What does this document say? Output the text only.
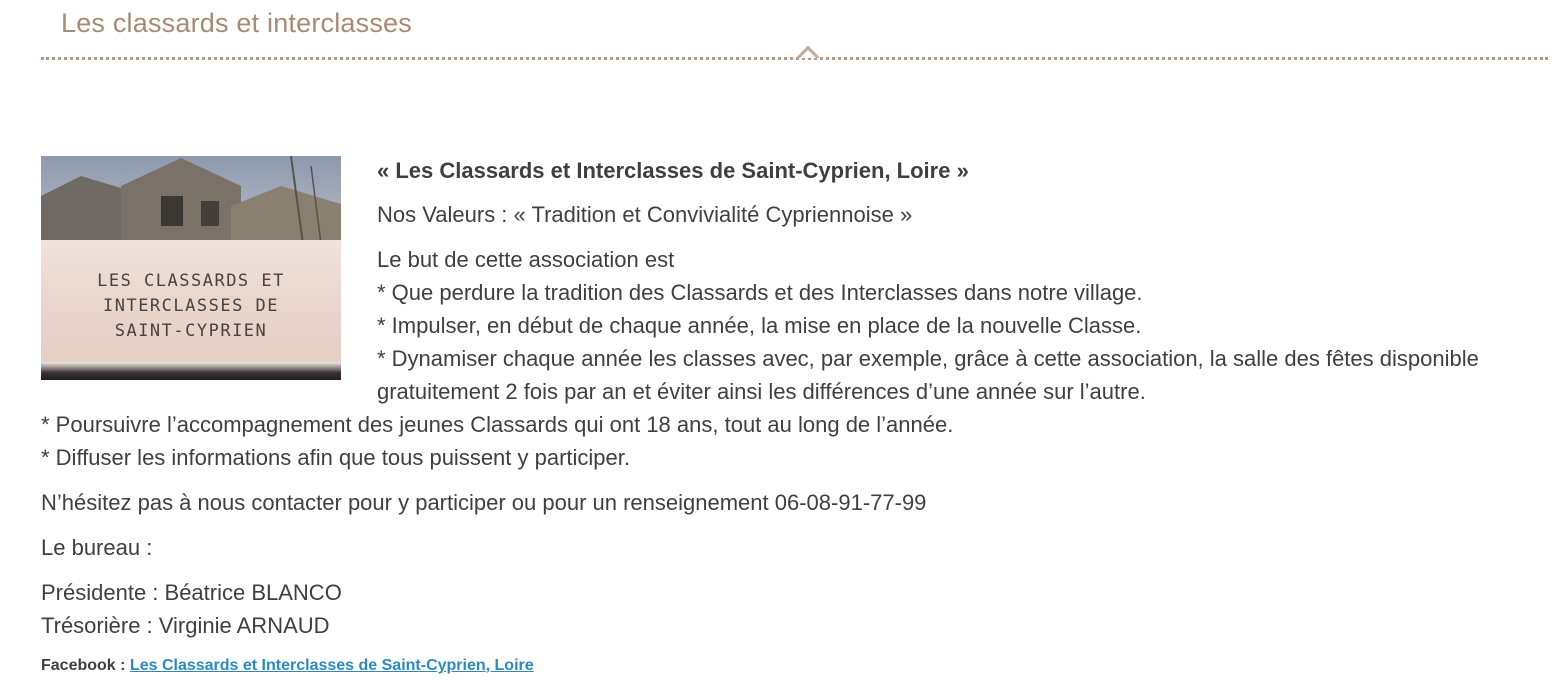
Les classards et interclasses
LES CLASSARDS ET
INTERCLASSES DE
SAINT-CYPRIEN

« Les Classards et Interclasses de Saint-Cyprien, Loire »

Nos Valeurs : « Tradition et Convivialité Cypriennoise »

Le but de cette association est
* Que perdure la tradition des Classards et des Interclasses dans notre village.
* Impulser, en début de chaque année, la mise en place de la nouvelle Classe.
* Dynamiser chaque année les classes avec, par exemple, grâce à cette association, la salle des fêtes disponible gratuitement 2 fois par an et éviter ainsi les différences d’une année sur l’autre.
* Poursuivre l’accompagnement des jeunes Classards qui ont 18 ans, tout au long de l’année.
* Diffuser les informations afin que tous puissent y participer.

N’hésitez pas à nous contacter pour y participer ou pour un renseignement 06-08-91-77-99

Le bureau :

Présidente : Béatrice BLANCO
Trésorière : Virginie ARNAUD
Facebook : Les Classards et Interclasses de Saint-Cyprien, Loire
